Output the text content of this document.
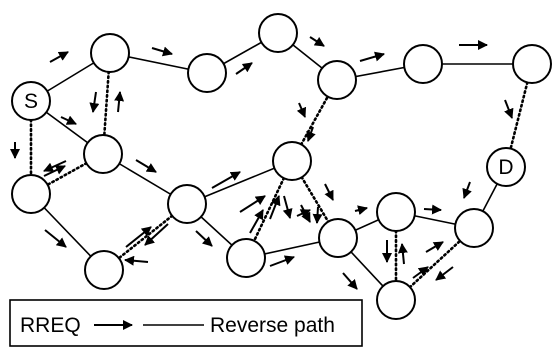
S
D
RREQ	Reverse path
